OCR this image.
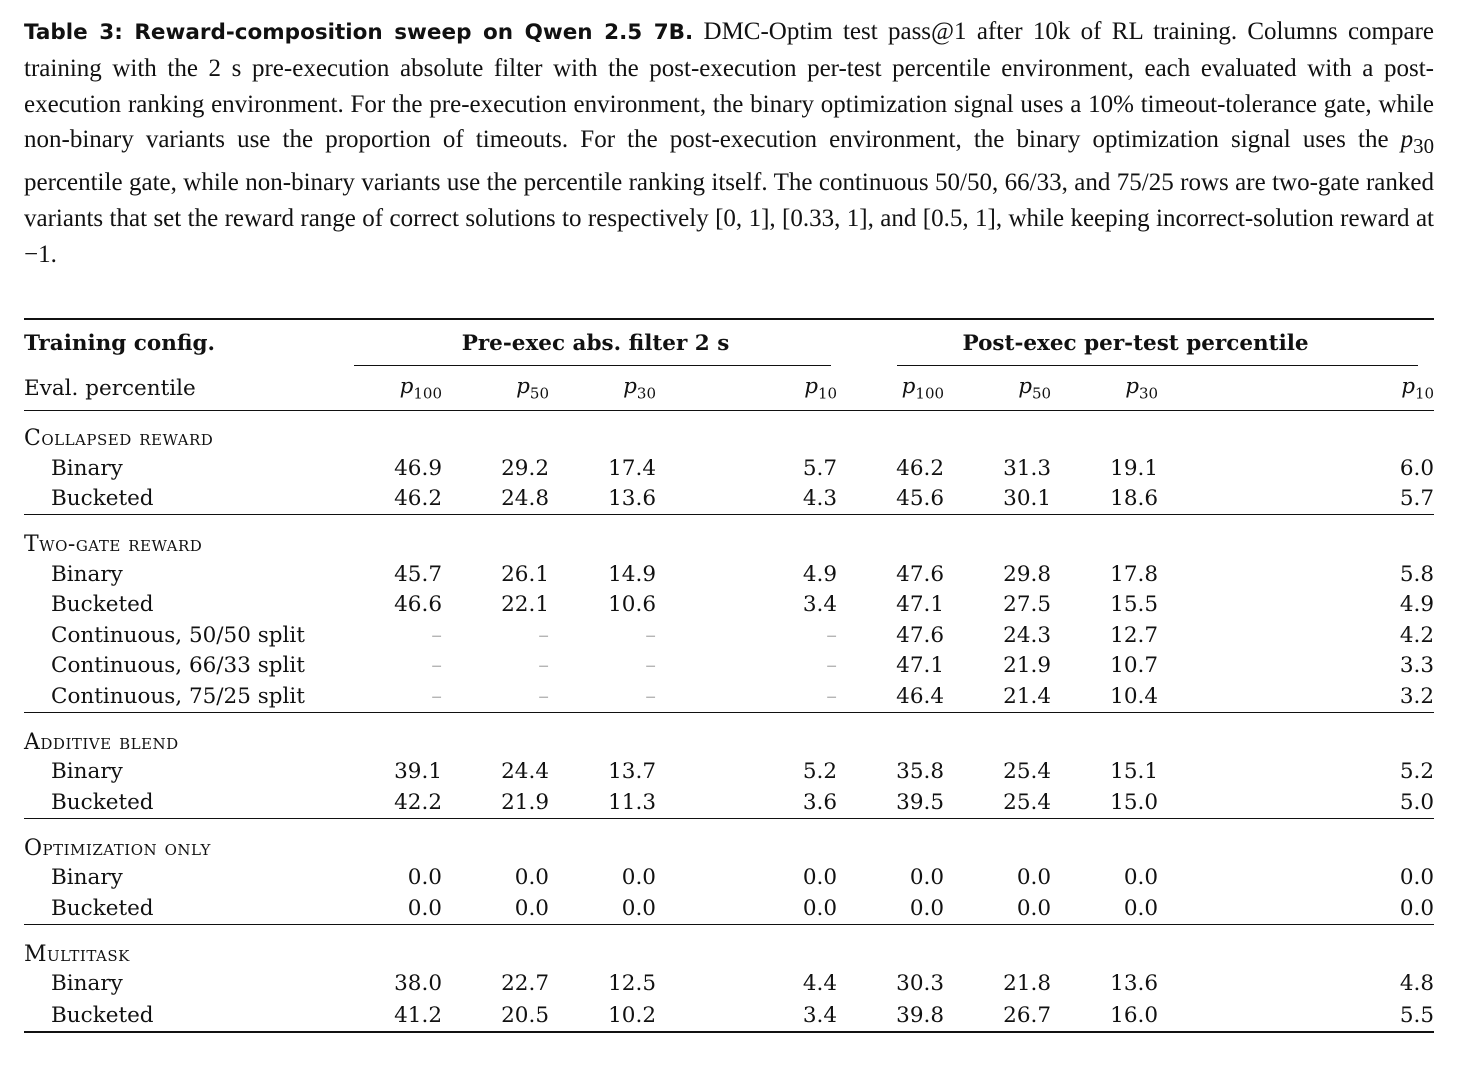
Table 3: Reward-composition sweep on Qwen 2.5 7B. DMC-Optim test pass@1 after 10k of RL training. Columns compare training with the 2 s pre-execution absolute filter with the post-execution per-test percentile environment, each evaluated with a post-execution ranking environment. For the pre-execution environment, the binary optimization signal uses a 10% timeout-tolerance gate, while non-binary variants use the proportion of timeouts. For the post-execution environment, the binary optimization signal uses the $p_{30}$ percentile gate, while non-binary variants use the percentile ranking itself. The continuous 50/50, 66/33, and 75/25 rows are two-gate ranked variants that set the reward range of correct solutions to respectively [0, 1], [0.33, 1], and [0.5, 1], while keeping incorrect-solution reward at −1.
Training config.	Pre-exec abs. filter 2 s				Post-exec per-test percentile			

Eval. percentile	$p_{100}$	$p_{50}$	$p_{30}$	$p_{10}$	$p_{100}$	$p_{50}$	$p_{30}$	$p_{10}$
Collapsed reward								
Binary	46.9	29.2	17.4	5.7	46.2	31.3	19.1	6.0
Bucketed	46.2	24.8	13.6	4.3	45.6	30.1	18.6	5.7
Two-gate reward								
Binary	45.7	26.1	14.9	4.9	47.6	29.8	17.8	5.8
Bucketed	46.6	22.1	10.6	3.4	47.1	27.5	15.5	4.9
Continuous, 50/50 split	–	–	–	–	47.6	24.3	12.7	4.2
Continuous, 66/33 split	–	–	–	–	47.1	21.9	10.7	3.3
Continuous, 75/25 split	–	–	–	–	46.4	21.4	10.4	3.2
Additive blend								
Binary	39.1	24.4	13.7	5.2	35.8	25.4	15.1	5.2
Bucketed	42.2	21.9	11.3	3.6	39.5	25.4	15.0	5.0
Optimization only								
Binary	0.0	0.0	0.0	0.0	0.0	0.0	0.0	0.0
Bucketed	0.0	0.0	0.0	0.0	0.0	0.0	0.0	0.0
Multitask								
Binary	38.0	22.7	12.5	4.4	30.3	21.8	13.6	4.8
Bucketed	41.2	20.5	10.2	3.4	39.8	26.7	16.0	5.5
